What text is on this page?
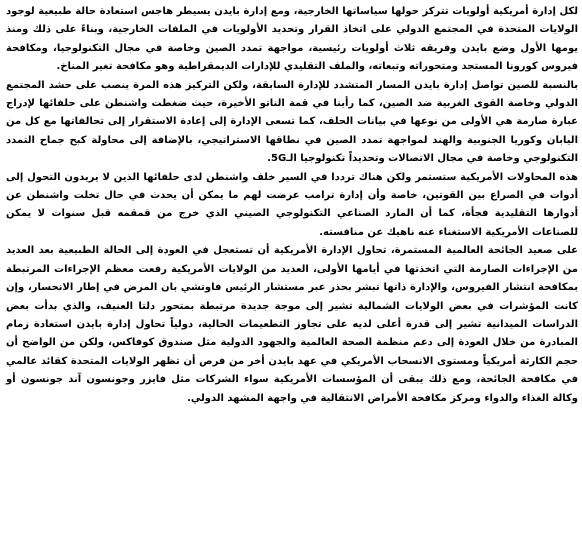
لكل إدارة أمريكية أولويات تتركز حولها سياساتها الخارجية، ومع إدارة بايدن يسيطر هاجس استعادة حالة طبيعية لوجود الولايات المتحدة في المجتمع الدولي على اتخاذ القرار وتحديد الأولويات في الملفات الخارجية، وبناءً على ذلك ومنذ يومها الأول وضع بايدن وفريقه ثلاث أولويات رئيسية، مواجهة تمدد الصين وخاصة في مجال التكنولوجيا، ومكافحة فيروس كورونا المستجد ومتحوراته وتبعاته، والملف التقليدي للإدارات الديمقراطية وهو مكافحة تغير المناخ.

بالنسبة للصين تواصل إدارة بايدن المسار المتشدد للإدارة السابقة، ولكن التركيز هذه المرة ينصب على حشد المجتمع الدولي وخاصة القوى الغربية ضد الصين، كما رأينا في قمة الناتو الأخيرة، حيث ضغطت واشنطن على حلفائها لإدراج عبارة صارمة هي الأولى من نوعها في بيانات الحلف، كما تسعى الإدارة إلى إعادة الاستقرار إلى تحالفاتها مع كل من اليابان وكوريا الجنوبية والهند لمواجهة تمدد الصين في نطاقها الاستراتيجي، بالإضافة إلى محاولة كبح جماح التمدد التكنولوجي وخاصة في مجال الاتصالات وتحديداً تكنولوجيا الـ5G.

هذه المحاولات الأمريكية ستستمر ولكن هناك ترددا في السير خلف واشنطن لدى حلفائها الذين لا يريدون التحول إلى أدوات في الصراع بين القوتين، خاصة وأن إدارة ترامب عرضت لهم ما يمكن أن يحدث في حال تخلت واشنطن عن أدوارها التقليدية فجأة، كما أن المارد الصناعي التكنولوجي الصيني الذي خرج من قمقمه قبل سنوات لا يمكن للصناعات الأمريكية الاستغناء عنه ناهيك عن منافسته.

على صعيد الجائحة العالمية المستمرة، تحاول الإدارة الأمريكية أن تستعجل في العودة إلى الحالة الطبيعية بعد العديد من الإجراءات الصارمة التي اتخذتها في أيامها الأولى، العديد من الولايات الأمريكية رفعت معظم الإجراءات المرتبطة بمكافحة انتشار الفيروس، والإدارة ذاتها تبشر بحذر عبر مستشار الرئيس فاوتشي بان المرض في إطار الانحسار، وإن كانت المؤشرات في بعض الولايات الشمالية تشير إلى موجة جديدة مرتبطة بمتحور دلتا العنيف، والذي بدأت بعض الدراسات الميدانية تشير إلى قدرة أعلى لديه على تجاوز التطعيمات الحالية، دولياً تحاول إدارة بايدن استعادة زمام المبادرة من خلال العودة إلى دعم منظمة الصحة العالمية والجهود الدولية مثل صندوق كوفاكس، ولكن من الواضح أن حجم الكارثة أمريكياً ومستوى الانسحاب الأمريكي في عهد بايدن أخر من فرص أن تظهر الولايات المتحدة كقائد عالمي في مكافحة الجائحة، ومع ذلك يبقى أن المؤسسات الأمريكية سواء الشركات مثل فايزر وجونسون آند جونسون أو وكالة الغذاء والدواء ومركز مكافحة الأمراض الانتقالية في واجهة المشهد الدولي.
